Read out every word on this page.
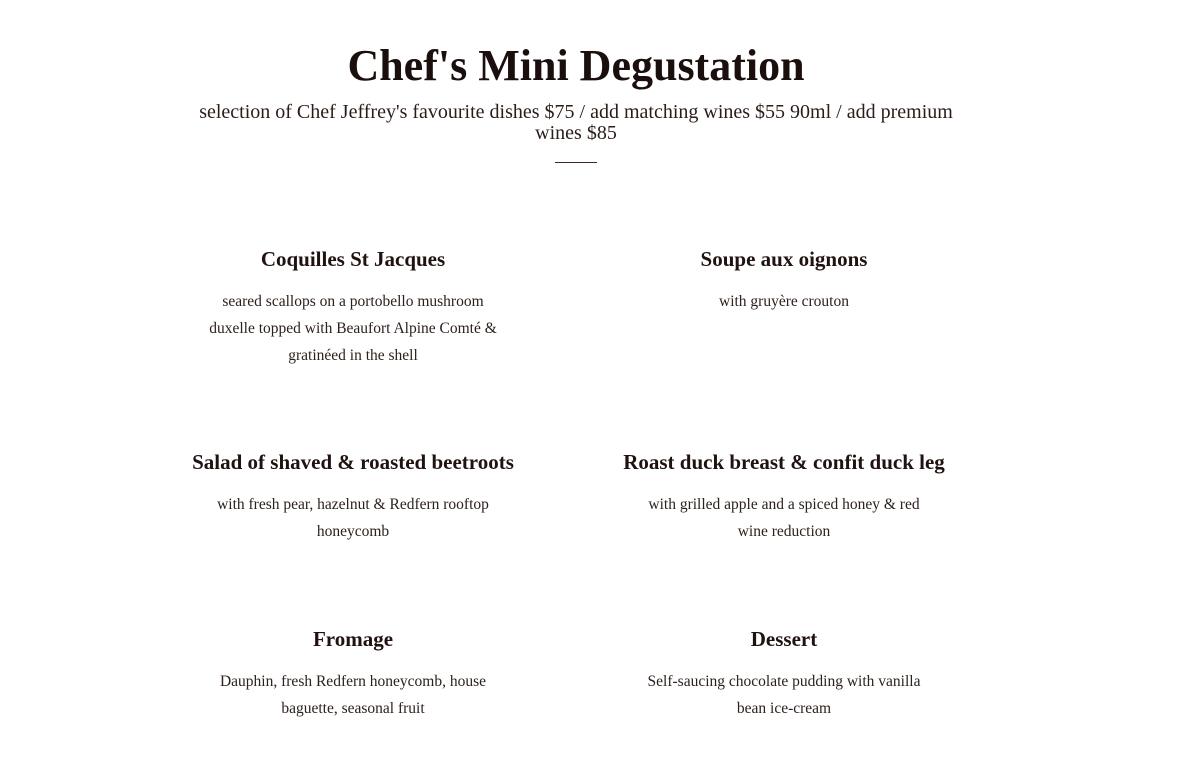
Chef's Mini Degustation
selection of Chef Jeffrey's favourite dishes $75 / add matching wines $55 90ml / add premium wines $85
Coquilles St Jacques
seared scallops on a portobello mushroom duxelle topped with Beaufort Alpine Comté & gratinéed in the shell
Soupe aux oignons
with gruyère crouton
Salad of shaved & roasted beetroots
with fresh pear, hazelnut & Redfern rooftop honeycomb
Roast duck breast & confit duck leg
with grilled apple and a spiced honey & red wine reduction
Fromage
Dauphin, fresh Redfern honeycomb, house baguette, seasonal fruit
Dessert
Self-saucing chocolate pudding with vanilla bean ice-cream
